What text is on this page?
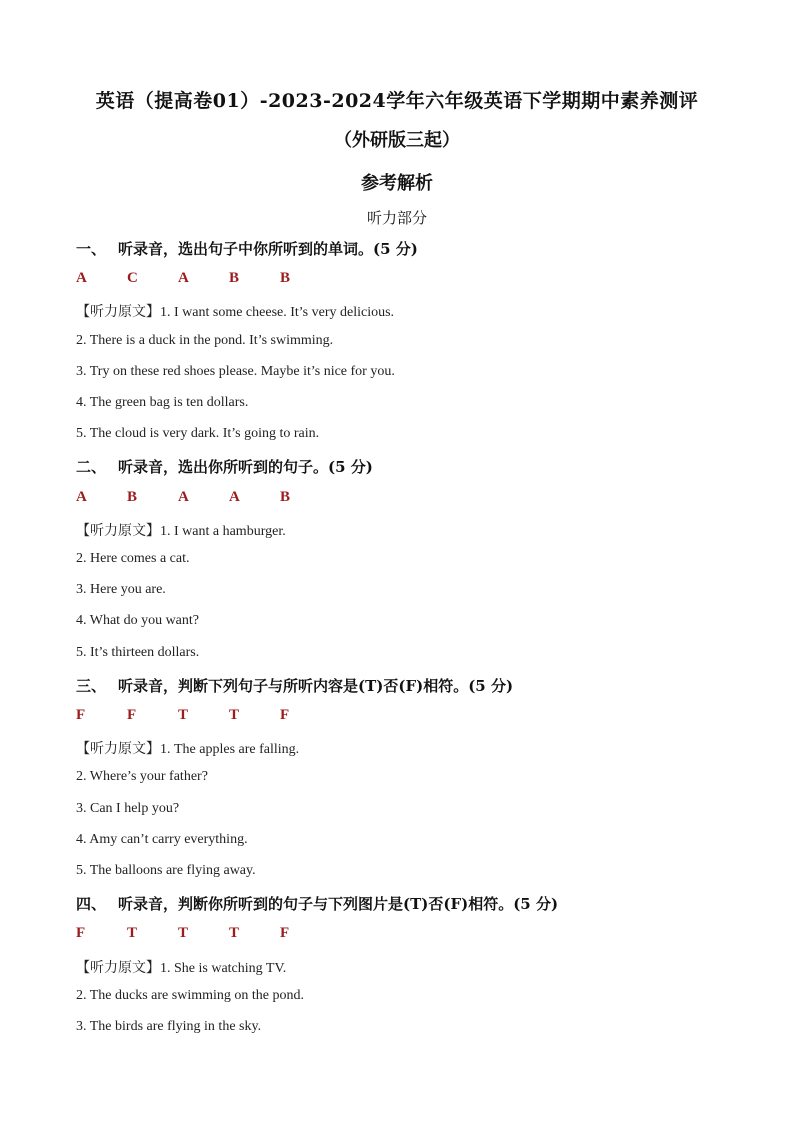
英语（提高卷01）-2023-2024学年六年级英语下学期期中素养测评
（外研版三起）
参考解析
听力部分
一、 听录音，选出句子中你所听到的单词。(5 分)
A	C	A	B	B
【听力原文】1. I want some cheese. It’s very delicious.
2. There is a duck in the pond. It’s swimming.
3. Try on these red shoes please. Maybe it’s nice for you.
4. The green bag is ten dollars.
5. The cloud is very dark. It’s going to rain.
二、 听录音，选出你所听到的句子。(5 分)
A	B	A	A	B
【听力原文】1. I want a hamburger.
2. Here comes a cat.
3. Here you are.
4. What do you want?
5. It’s thirteen dollars.
三、 听录音，判断下列句子与所听内容是(T)否(F)相符。(5 分)
F	F	T	T	F
【听力原文】1. The apples are falling.
2. Where’s your father?
3. Can I help you?
4. Amy can’t carry everything.
5. The balloons are flying away.
四、 听录音，判断你所听到的句子与下列图片是(T)否(F)相符。(5 分)
F	T	T	T	F
【听力原文】1. She is watching TV.
2. The ducks are swimming on the pond.
3. The birds are flying in the sky.
